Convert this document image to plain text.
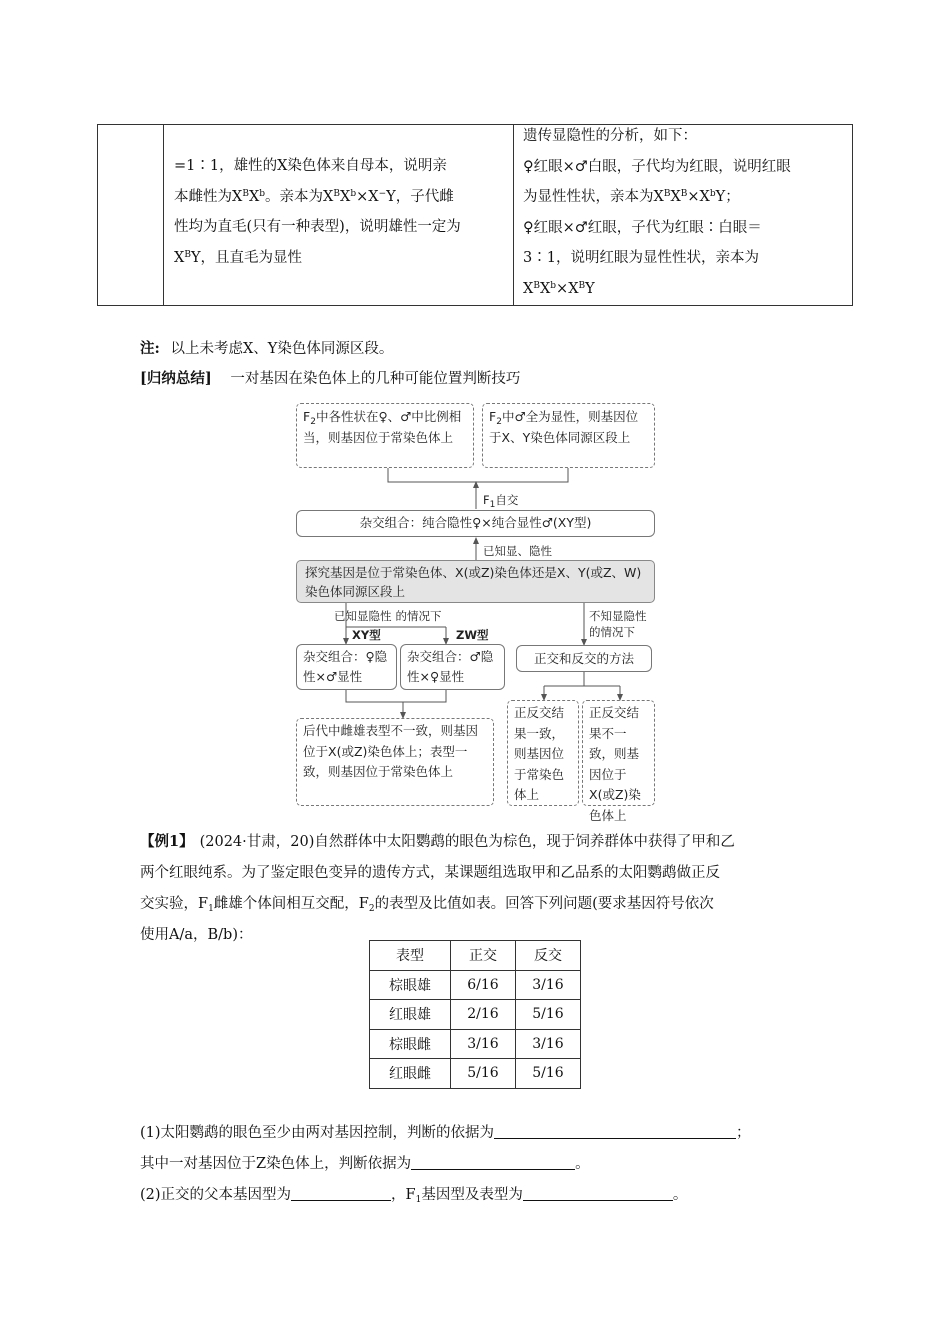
=1∶1，雄性的X染色体来自母本，说明亲
本雌性为$X^BX^b$。亲本为$X^BX^b\times X^-Y$，子代雌
性均为直毛(只有一种表型)，说明雄性一定为
$X^BY$，且直毛为显性
遗传显隐性的分析，如下：
♀红眼×♂白眼，子代均为红眼，说明红眼
为显性性状，亲本为$X^BX^B\times X^bY$；
♀红眼×♂红眼，子代为红眼∶白眼＝
3∶1，说明红眼为显性性状，亲本为
$X^BX^b\times X^BY$
注: 以上未考虑X、Y染色体同源区段。
[归纳总结] 一对基因在染色体上的几种可能位置判断技巧
$F_2$中各性状在♀、♂中比例相当，则基因位于常染色体上
$F_2$中♂全为显性，则基因位于X、Y染色体同源区段上
$F_1$自交
杂交组合：纯合隐性♀×纯合显性♂(XY型)
已知显、隐性
探究基因是位于常染色体、X(或Z)染色体还是X、Y(或Z、W)染色体同源区段上
已知显隐性 的情况下
XY型	ZW型
不知显隐性
的情况下
杂交组合：♀隐性×♂显性
杂交组合：♂隐性×♀显性
正交和反交的方法
后代中雌雄表型不一致，则基因位于X(或Z)染色体上；表型一致，则基因位于常染色体上
正反交结果一致，则基因位于常染色体上
正反交结果不一致，则基因位于X(或Z)染色体上
【例1】 (2024·甘肃，20)自然群体中太阳鹦鹉的眼色为棕色，现于饲养群体中获得了甲和乙
两个红眼纯系。为了鉴定眼色变异的遗传方式，某课题组选取甲和乙品系的太阳鹦鹉做正反
交实验，$F_1$雌雄个体间相互交配，$F_2$的表型及比值如表。回答下列问题(要求基因符号依次
使用A/a，B/b)：
表型	正交	反交
棕眼雄	6/16	3/16
红眼雄	2/16	5/16
棕眼雌	3/16	3/16
红眼雌	5/16	5/16
(1)太阳鹦鹉的眼色至少由两对基因控制，判断的依据为	；
其中一对基因位于Z染色体上，判断依据为	。
(2)正交的父本基因型为	，$F_1$基因型及表型为	。
